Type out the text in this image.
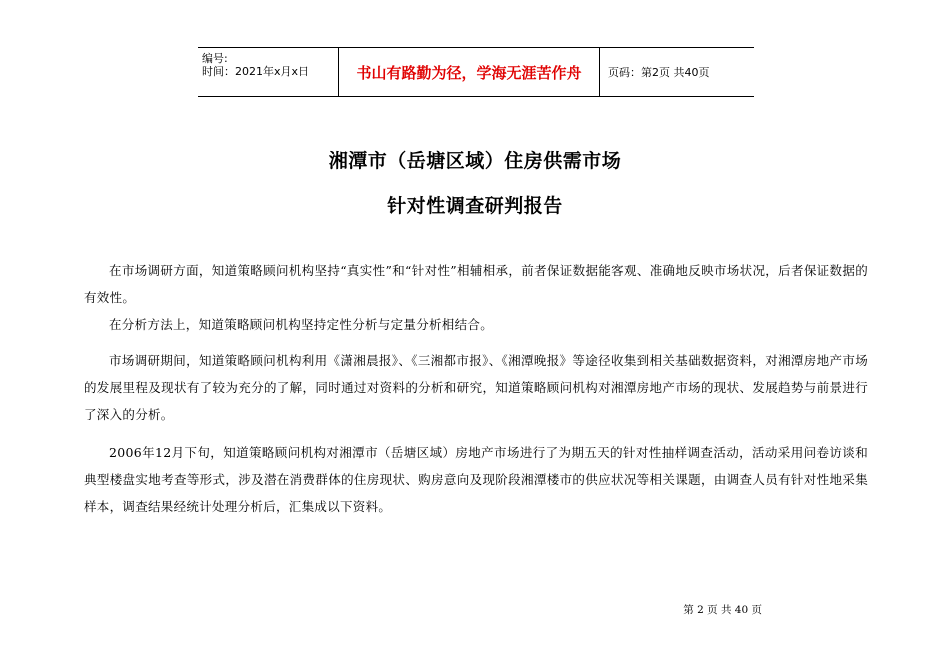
编号:
时间：2021年x月x日	书山有路勤为径，学海无涯苦作舟	页码：第2页 共40页
湘潭市（岳塘区域）住房供需市场
针对性调查研判报告
在市场调研方面，知道策略顾问机构坚持“真实性”和“针对性”相辅相承，前者保证数据能客观、准确地反映市场状况，后者保证数据的有效性。
在分析方法上，知道策略顾问机构坚持定性分析与定量分析相结合。
市场调研期间，知道策略顾问机构利用《潇湘晨报》、《三湘都市报》、《湘潭晚报》等途径收集到相关基础数据资料，对湘潭房地产市场的发展里程及现状有了较为充分的了解，同时通过对资料的分析和研究，知道策略顾问机构对湘潭房地产市场的现状、发展趋势与前景进行了深入的分析。
2006年12月下旬，知道策略顾问机构对湘潭市（岳塘区域）房地产市场进行了为期五天的针对性抽样调查活动，活动采用问卷访谈和典型楼盘实地考查等形式，涉及潜在消费群体的住房现状、购房意向及现阶段湘潭楼市的供应状况等相关课题，由调查人员有针对性地采集样本，调查结果经统计处理分析后，汇集成以下资料。
第 2 页 共 40 页
